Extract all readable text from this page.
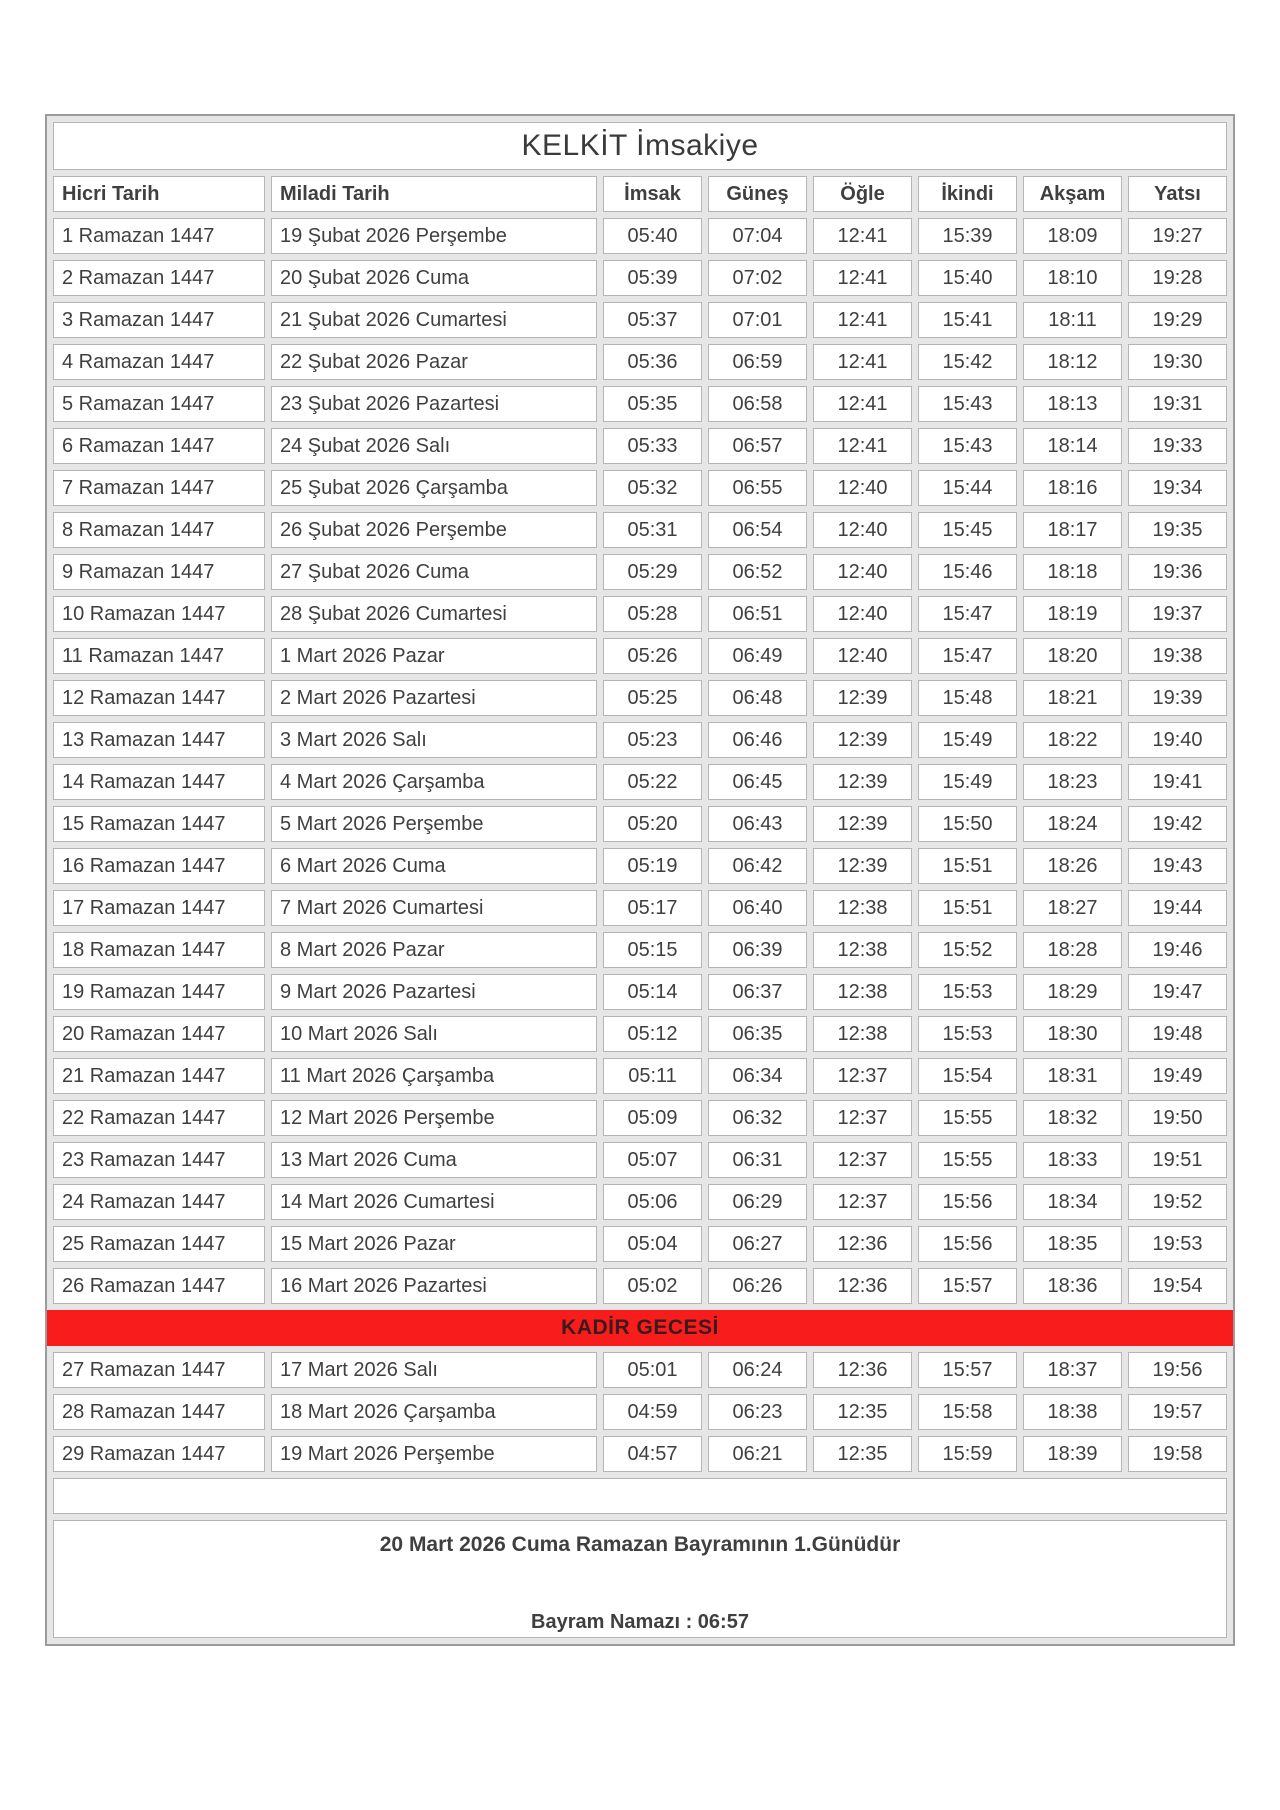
KELKİT İmsakiye
Hicri Tarih	Miladi Tarih	İmsak	Güneş	Öğle	İkindi	Akşam	Yatsı
1 Ramazan 1447	19 Şubat 2026 Perşembe	05:40	07:04	12:41	15:39	18:09	19:27
2 Ramazan 1447	20 Şubat 2026 Cuma	05:39	07:02	12:41	15:40	18:10	19:28
3 Ramazan 1447	21 Şubat 2026 Cumartesi	05:37	07:01	12:41	15:41	18:11	19:29
4 Ramazan 1447	22 Şubat 2026 Pazar	05:36	06:59	12:41	15:42	18:12	19:30
5 Ramazan 1447	23 Şubat 2026 Pazartesi	05:35	06:58	12:41	15:43	18:13	19:31
6 Ramazan 1447	24 Şubat 2026 Salı	05:33	06:57	12:41	15:43	18:14	19:33
7 Ramazan 1447	25 Şubat 2026 Çarşamba	05:32	06:55	12:40	15:44	18:16	19:34
8 Ramazan 1447	26 Şubat 2026 Perşembe	05:31	06:54	12:40	15:45	18:17	19:35
9 Ramazan 1447	27 Şubat 2026 Cuma	05:29	06:52	12:40	15:46	18:18	19:36
10 Ramazan 1447	28 Şubat 2026 Cumartesi	05:28	06:51	12:40	15:47	18:19	19:37
11 Ramazan 1447	1 Mart 2026 Pazar	05:26	06:49	12:40	15:47	18:20	19:38
12 Ramazan 1447	2 Mart 2026 Pazartesi	05:25	06:48	12:39	15:48	18:21	19:39
13 Ramazan 1447	3 Mart 2026 Salı	05:23	06:46	12:39	15:49	18:22	19:40
14 Ramazan 1447	4 Mart 2026 Çarşamba	05:22	06:45	12:39	15:49	18:23	19:41
15 Ramazan 1447	5 Mart 2026 Perşembe	05:20	06:43	12:39	15:50	18:24	19:42
16 Ramazan 1447	6 Mart 2026 Cuma	05:19	06:42	12:39	15:51	18:26	19:43
17 Ramazan 1447	7 Mart 2026 Cumartesi	05:17	06:40	12:38	15:51	18:27	19:44
18 Ramazan 1447	8 Mart 2026 Pazar	05:15	06:39	12:38	15:52	18:28	19:46
19 Ramazan 1447	9 Mart 2026 Pazartesi	05:14	06:37	12:38	15:53	18:29	19:47
20 Ramazan 1447	10 Mart 2026 Salı	05:12	06:35	12:38	15:53	18:30	19:48
21 Ramazan 1447	11 Mart 2026 Çarşamba	05:11	06:34	12:37	15:54	18:31	19:49
22 Ramazan 1447	12 Mart 2026 Perşembe	05:09	06:32	12:37	15:55	18:32	19:50
23 Ramazan 1447	13 Mart 2026 Cuma	05:07	06:31	12:37	15:55	18:33	19:51
24 Ramazan 1447	14 Mart 2026 Cumartesi	05:06	06:29	12:37	15:56	18:34	19:52
25 Ramazan 1447	15 Mart 2026 Pazar	05:04	06:27	12:36	15:56	18:35	19:53
26 Ramazan 1447	16 Mart 2026 Pazartesi	05:02	06:26	12:36	15:57	18:36	19:54
KADİR GECESİ
27 Ramazan 1447	17 Mart 2026 Salı	05:01	06:24	12:36	15:57	18:37	19:56
28 Ramazan 1447	18 Mart 2026 Çarşamba	04:59	06:23	12:35	15:58	18:38	19:57
29 Ramazan 1447	19 Mart 2026 Perşembe	04:57	06:21	12:35	15:59	18:39	19:58
20 Mart 2026 Cuma Ramazan Bayramının 1.Günüdür
Bayram Namazı : 06:57
